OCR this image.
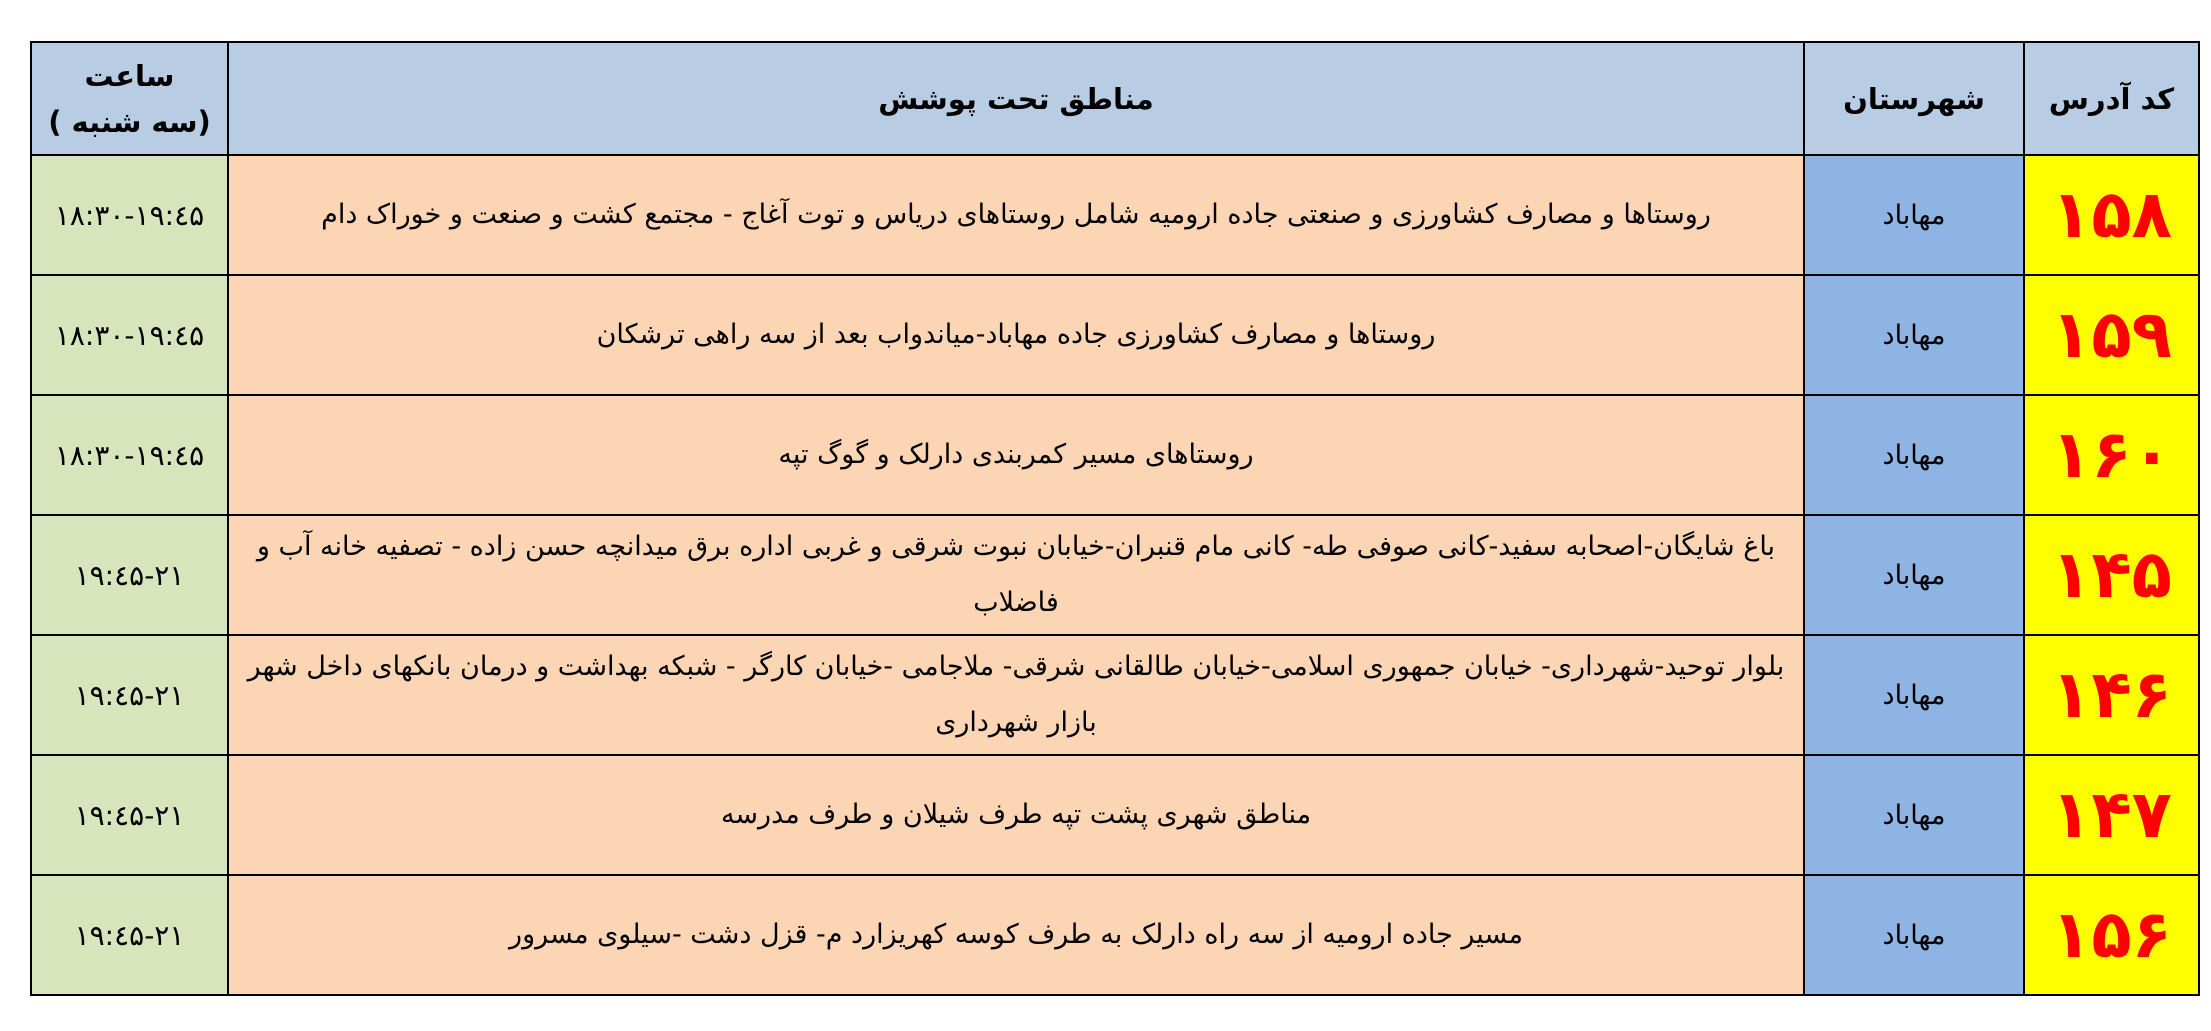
کد آدرس	شهرستان	مناطق تحت پوشش	ساعت
(سه شنبه )

۱۵۸	مهاباد	روستاها و مصارف کشاورزی و صنعتی جاده ارومیه شامل روستاهای دریاس و توت آغاج - مجتمع کشت و صنعت و خوراک دام	۱۸:۳۰-۱۹:٤۵
۱۵۹	مهاباد	روستاها و مصارف کشاورزی جاده مهاباد-میاندواب بعد از سه راهی ترشکان	۱۸:۳۰-۱۹:٤۵
۱۶۰	مهاباد	روستاهای مسیر کمربندی دارلک و گوگ تپه	۱۸:۳۰-۱۹:٤۵
۱۴۵	مهاباد	باغ شایگان-اصحابه سفید-کانی صوفی طه- کانی مام قنبران-خیابان نبوت شرقی و غربی اداره برق میدانچه حسن زاده - تصفیه خانه آب و فاضلاب	۱۹:٤۵-۲۱
۱۴۶	مهاباد	بلوار توحید-شهرداری- خیابان جمهوری اسلامی-خیابان طالقانی شرقی- ملاجامی -خیابان کارگر - شبکه بهداشت و درمان بانکهای داخل شهر بازار شهرداری	۱۹:٤۵-۲۱
۱۴۷	مهاباد	مناطق شهری پشت تپه طرف شیلان و طرف مدرسه	۱۹:٤۵-۲۱
۱۵۶	مهاباد	مسیر جاده ارومیه از سه راه دارلک به طرف کوسه کهریزارد م- قزل دشت -سیلوی مسرور	۱۹:٤۵-۲۱
